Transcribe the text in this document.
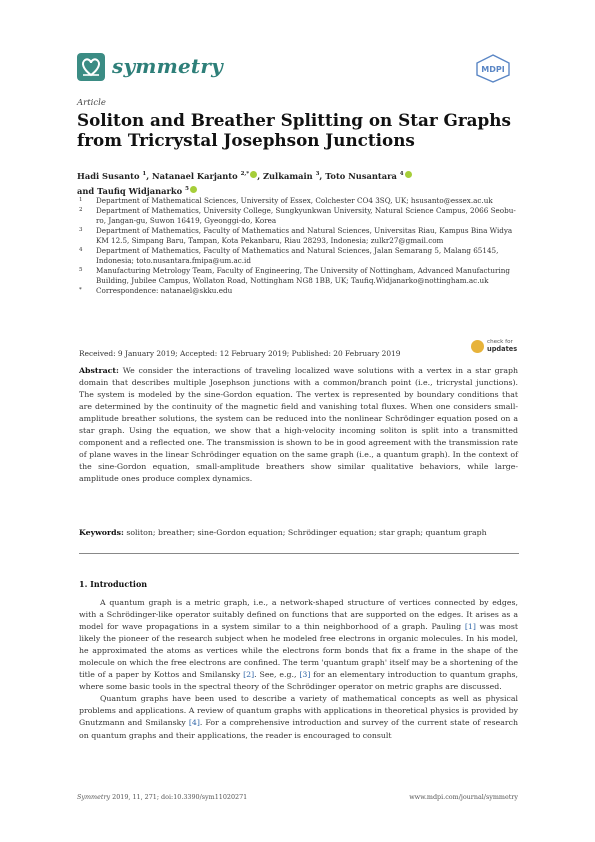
symmetry	MDPI
Article
Soliton and Breather Splitting on Star Graphs from Tricrystal Josephson Junctions
Hadi Susanto $^1$, Natanael Karjanto $^{2,*}$ , Zulkamain $^3$, Toto Nusantara $^4$
and Taufiq Widjanarko $^5$
1	Department of Mathematical Sciences, University of Essex, Colchester CO4 3SQ, UK; hsusanto@essex.ac.uk
2	Department of Mathematics, University College, Sungkyunkwan University, Natural Science Campus, 2066 Seobu-ro, Jangan-gu, Suwon 16419, Gyeonggi-do, Korea
3	Department of Mathematics, Faculty of Mathematics and Natural Sciences, Universitas Riau, Kampus Bina Widya KM 12.5, Simpang Baru, Tampan, Kota Pekanbaru, Riau 28293, Indonesia; zulkr27@gmail.com
4	Department of Mathematics, Faculty of Mathematics and Natural Sciences, Jalan Semarang 5, Malang 65145, Indonesia; toto.nusantara.fmipa@um.ac.id
5	Manufacturing Metrology Team, Faculty of Engineering, The University of Nottingham, Advanced Manufacturing Building, Jubilee Campus, Wollaton Road, Nottingham NG8 1BB, UK; Taufiq.Widjanarko@nottingham.ac.uk
*	Correspondence: natanael@skku.edu
check for
updates
Received: 9 January 2019; Accepted: 12 February 2019; Published: 20 February 2019
Abstract: We consider the interactions of traveling localized wave solutions with a vertex in a star graph domain that describes multiple Josephson junctions with a common/branch point (i.e., tricrystal junctions). The system is modeled by the sine-Gordon equation. The vertex is represented by boundary conditions that are determined by the continuity of the magnetic field and vanishing total fluxes. When one considers small-amplitude breather solutions, the system can be reduced into the nonlinear Schrödinger equation posed on a star graph. Using the equation, we show that a high-velocity incoming soliton is split into a transmitted component and a reflected one. The transmission is shown to be in good agreement with the transmission rate of plane waves in the linear Schrödinger equation on the same graph (i.e., a quantum graph). In the context of the sine-Gordon equation, small-amplitude breathers show similar qualitative behaviors, while large-amplitude ones produce complex dynamics.
Keywords: soliton; breather; sine-Gordon equation; Schrödinger equation; star graph; quantum graph
1. Introduction

A quantum graph is a metric graph, i.e., a network-shaped structure of vertices connected by edges, with a Schrödinger-like operator suitably defined on functions that are supported on the edges. It arises as a model for wave propagations in a system similar to a thin neighborhood of a graph. Pauling [1] was most likely the pioneer of the research subject when he modeled free electrons in organic molecules. In his model, he approximated the atoms as vertices while the electrons form bonds that fix a frame in the shape of the molecule on which the free electrons are confined. The term 'quantum graph' itself may be a shortening of the title of a paper by Kottos and Smilansky [2]. See, e.g., [3] for an elementary introduction to quantum graphs, where some basic tools in the spectral theory of the Schrödinger operator on metric graphs are discussed.

Quantum graphs have been used to describe a variety of mathematical concepts as well as physical problems and applications. A review of quantum graphs with applications in theoretical physics is provided by Gnutzmann and Smilansky [4]. For a comprehensive introduction and survey of the current state of research on quantum graphs and their applications, the reader is encouraged to consult

Symmetry 2019, 11, 271; doi:10.3390/sym11020271	www.mdpi.com/journal/symmetry
